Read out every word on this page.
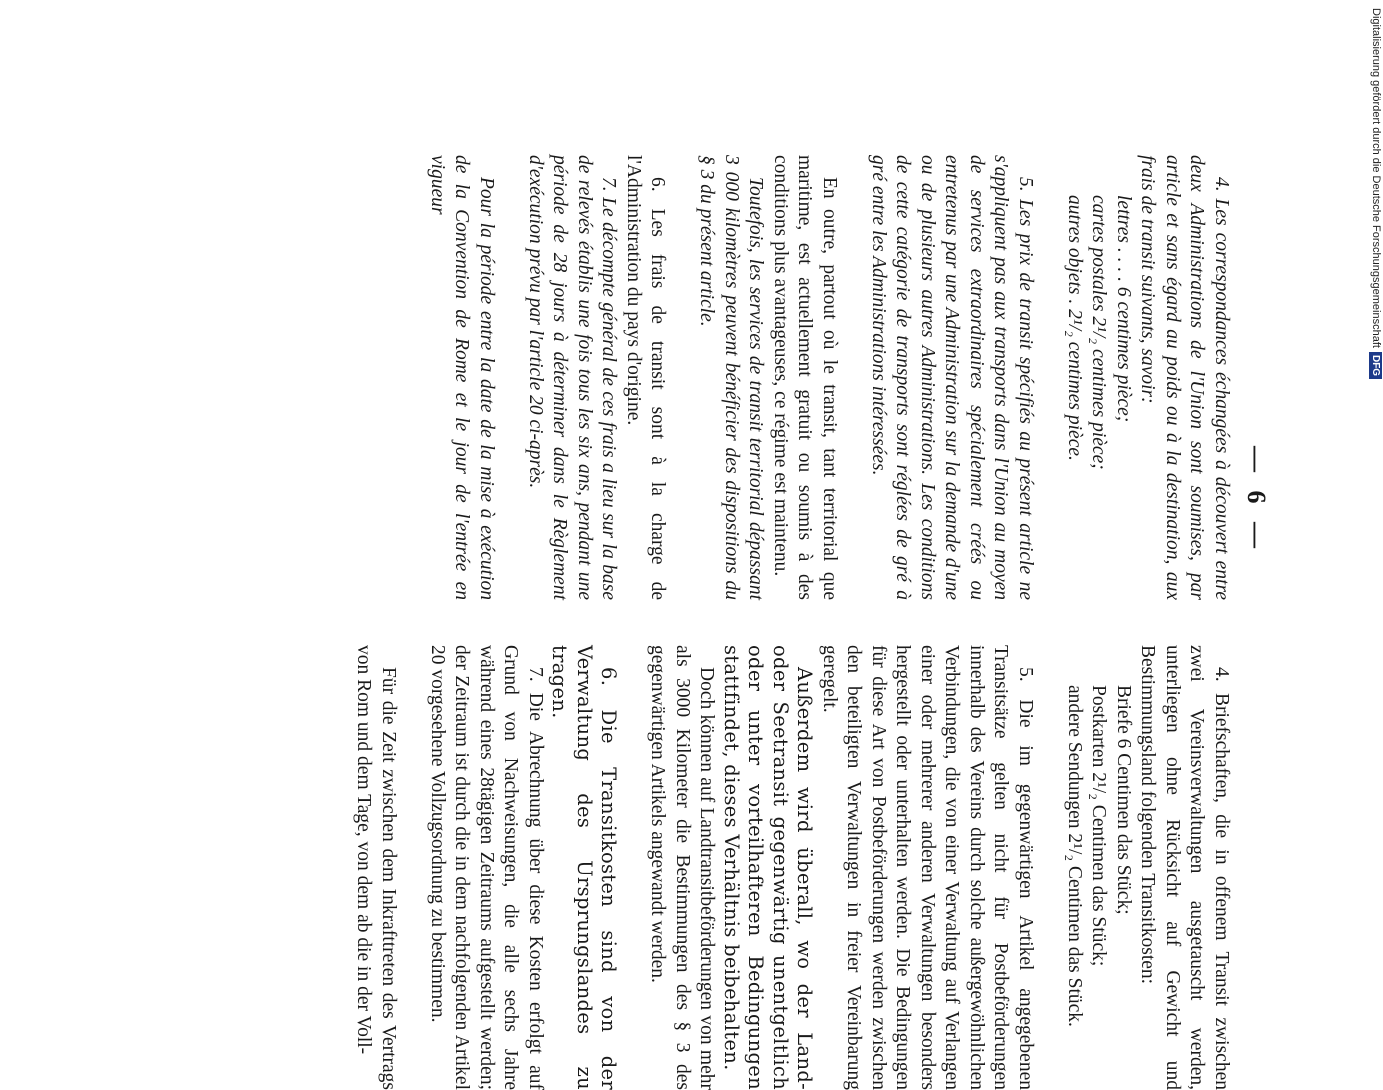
— 6 —

4. Les correspondances échangées à découvert entre deux Administrations de l'Union sont soumises, par article et sans égard au poids ou à la destination, aux frais de transit suivants, savoir:

lettres . . . . 6 centimes pièce;
cartes postales 2¹/₂ centimes pièce;
autres objets . 2¹/₂ centimes pièce.

5. Les prix de transit spécifiés au présent article ne s'appliquent pas aux transports dans l'Union au moyen de services extraordinaires spécialement créés ou entretenus par une Administration sur la demande d'une ou de plusieurs autres Administrations. Les conditions de cette catégorie de transports sont réglées de gré à gré entre les Administrations intéressées.

En outre, partout où le transit, tant territorial que maritime, est actuellement gratuit ou soumis à des conditions plus avantageuses, ce régime est maintenu.

Toutefois, les services de transit territorial dépassant 3 000 kilomètres peuvent bénéficier des dispositions du § 3 du présent article.

6. Les frais de transit sont à la charge de l'Administration du pays d'origine.

7. Le décompte général de ces frais a lieu sur la base de relevés établis une fois tous les six ans, pendant une période de 28 jours à déterminer dans le Règlement d'exécution prévu par l'article 20 ci-après.

Pour la période entre la date de la mise à exécution de la Convention de Rome et le jour de l'entrée en vigueur

4. Briefschaften, die in offenem Transit zwischen zwei Vereinsverwaltungen ausgetauscht werden, unterliegen ohne Rücksicht auf Gewicht und Bestimmungsland folgenden Transitkosten:

Briefe 6 Centimen das Stück;
Postkarten 2¹/₂ Centimen das Stück;
andere Sendungen 2¹/₂ Centimen das Stück.

5. Die im gegenwärtigen Artikel angegebenen Transitsätze gelten nicht für Postbeförderungen innerhalb des Vereins durch solche außergewöhnlichen Verbindungen, die von einer Verwaltung auf Verlangen einer oder mehrerer anderen Verwaltungen besonders hergestellt oder unterhalten werden. Die Bedingungen für diese Art von Postbeförderungen werden zwischen den beteiligten Verwaltungen in freier Vereinbarung geregelt.

Außerdem wird überall, wo der Land- oder Seetransit gegenwärtig unentgeltlich oder unter vorteilhafteren Bedingungen stattfindet, dieses Verhältnis beibehalten.

Doch können auf Landtransitbeförderungen von mehr als 3000 Kilometer die Bestimmungen des § 3 des gegenwärtigen Artikels angewandt werden.

6. Die Transitkosten sind von der Verwaltung des Ursprungslandes zu tragen.

7. Die Abrechnung über diese Kosten erfolgt auf Grund von Nachweisungen, die alle sechs Jahre während eines 28tägigen Zeitraums aufgestellt werden; der Zeitraum ist durch die in dem nachfolgenden Artikel 20 vorgesehene Vollzugsordnung zu bestimmen.

Für die Zeit zwischen dem Inkrafttreten des Vertrags von Rom und dem Tage, von dem ab die in der Voll-

Digitalisierung gefördert durch die Deutsche ForschungsgemeinschaftDFG
